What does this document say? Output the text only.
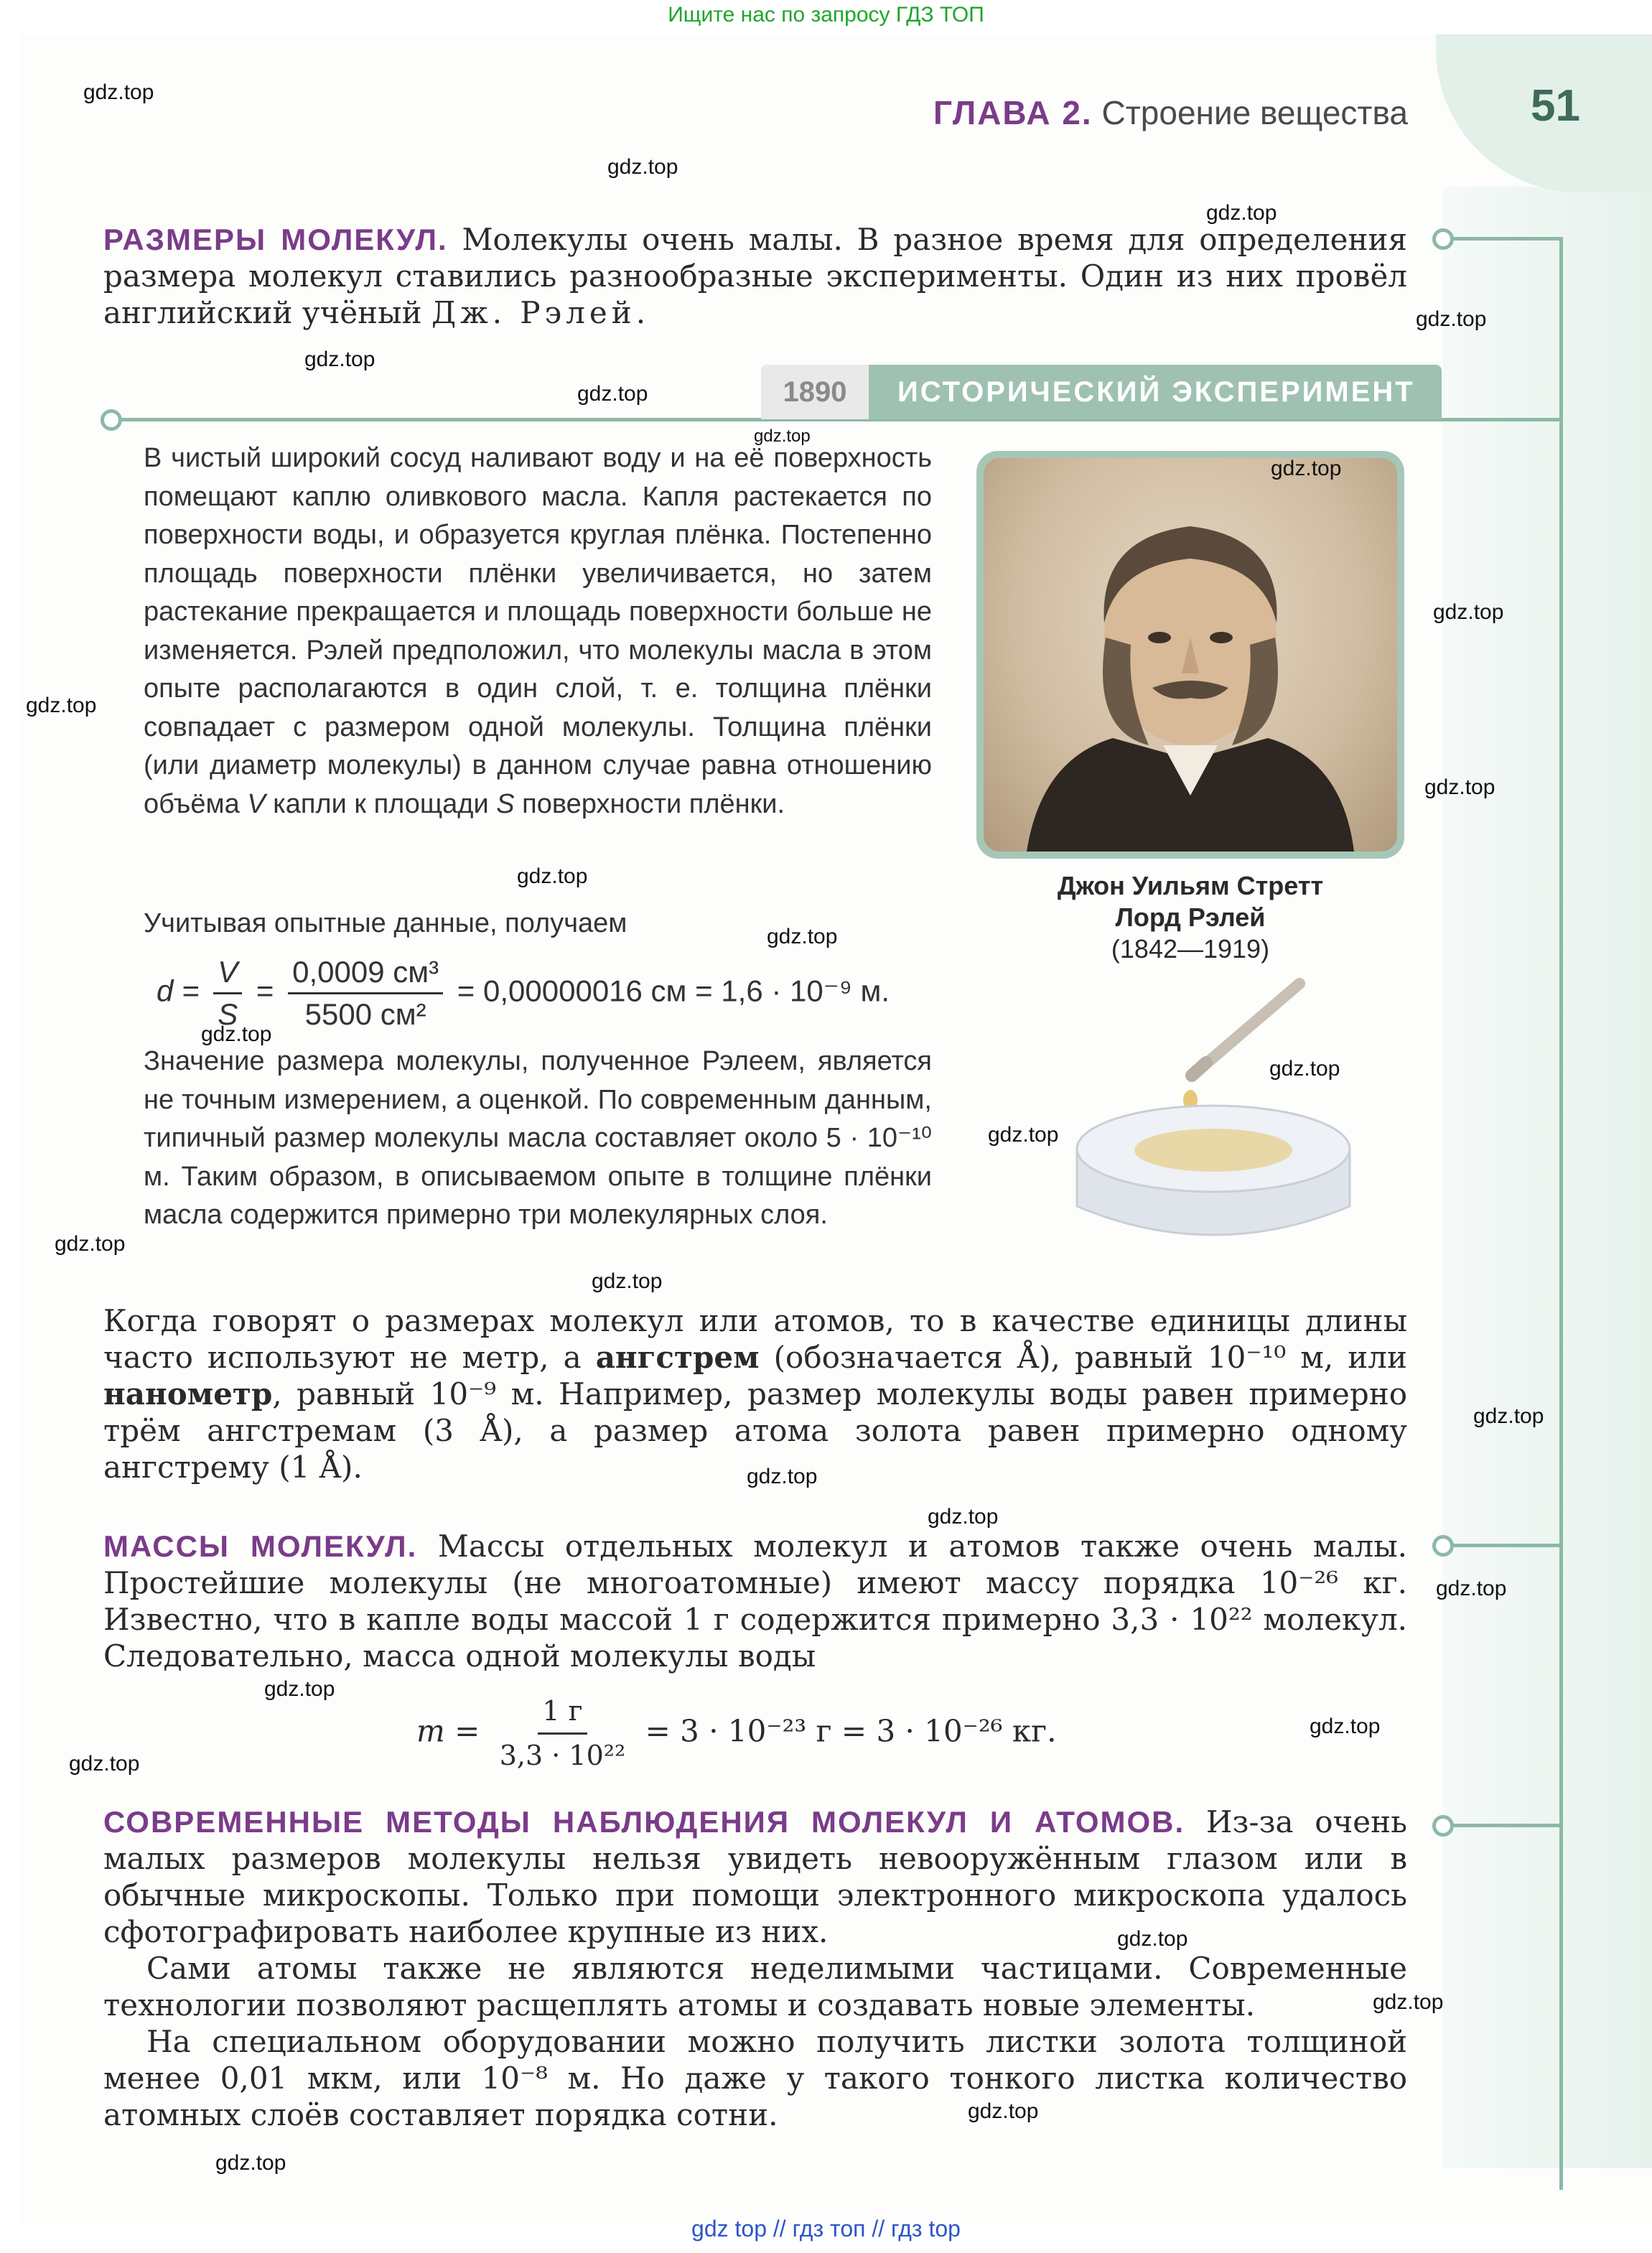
Ищите нас по запросу ГДЗ ТОП
ГЛАВА 2. Строение вещества	51
РАЗМЕРЫ МОЛЕКУЛ. Молекулы очень малы. В разное время для определения размера молекул ставились разнообразные эксперименты. Один из них провёл английский учёный Дж. Рэлей.
1890	ИСТОРИЧЕСКИЙ ЭКСПЕРИМЕНТ
В чистый широкий сосуд наливают воду и на её поверхность помещают каплю оливкового масла. Капля растекается по поверхности воды, и образуется круглая плёнка. Постепенно площадь поверхности плёнки увеличивается, но затем растекание прекращается и площадь поверхности больше не изменяется. Рэлей предположил, что молекулы масла в этом опыте располагаются в один слой, т. е. толщина плёнки совпадает с размером одной молекулы. Толщина плёнки (или диаметр молекулы) в данном случае равна отношению объёма V капли к площади S поверхности плёнки.
Учитывая опытные данные, получаем
$d = \frac{V}{S} = \frac{\text{0,0009 см³}}{\text{5500 см²}} = 0,00000016$ см = 1,6 · 10⁻⁹ м.
Значение размера молекулы, полученное Рэлеем, является не точным измерением, а оценкой. По современным данным, типичный размер молекулы масла составляет около 5 · 10⁻¹⁰ м. Таким образом, в описываемом опыте в толщине плёнки масла содержится примерно три молекулярных слоя.
Джон Уильям Стретт
Лорд Рэлей
(1842—1919)
Когда говорят о размерах молекул или атомов, то в качестве единицы длины часто используют не метр, а ангстрем (обозначается Å), равный 10⁻¹⁰ м, или нанометр, равный 10⁻⁹ м. Например, размер молекулы воды равен примерно трём ангстремам (3 Å), а размер атома золота равен примерно одному ангстрему (1 Å).
МАССЫ МОЛЕКУЛ. Массы отдельных молекул и атомов также очень малы. Простейшие молекулы (не многоатомные) имеют массу порядка 10⁻²⁶ кг. Известно, что в капле воды массой 1 г содержится примерно 3,3 · 10²² молекул. Следовательно, масса одной молекулы воды
$m = \frac{1 г}{\text{3,3 · 10²²}} = 3 \cdot 10^{-23}$ г = 3 · 10⁻²⁶ кг.
СОВРЕМЕННЫЕ МЕТОДЫ НАБЛЮДЕНИЯ МОЛЕКУЛ И АТОМОВ. Из-за очень малых размеров молекулы нельзя увидеть невооружённым глазом или в обычные микроскопы. Только при помощи электронного микроскопа удалось сфотографировать наиболее крупные из них.
Сами атомы также не являются неделимыми частицами. Современные технологии позволяют расщеплять атомы и создавать новые элементы.
На специальном оборудовании можно получить листки золота толщиной менее 0,01 мкм, или 10⁻⁸ м. Но даже у такого тонкого листка количество атомных слоёв составляет порядка сотни.
gdz.top
gdz.top
gdz.top
gdz.top
gdz.top
gdz.top
gdz.top
gdz.top
gdz.top
gdz.top
gdz.top
gdz.top
gdz.top
gdz.top
gdz.top
gdz.top
gdz.top
gdz.top
gdz.top
gdz.top
gdz.top
gdz.top
gdz.top
gdz.top
gdz.top
gdz.top
gdz.top
gdz.top
gdz.top
gdz top // гдз топ // гдз top
